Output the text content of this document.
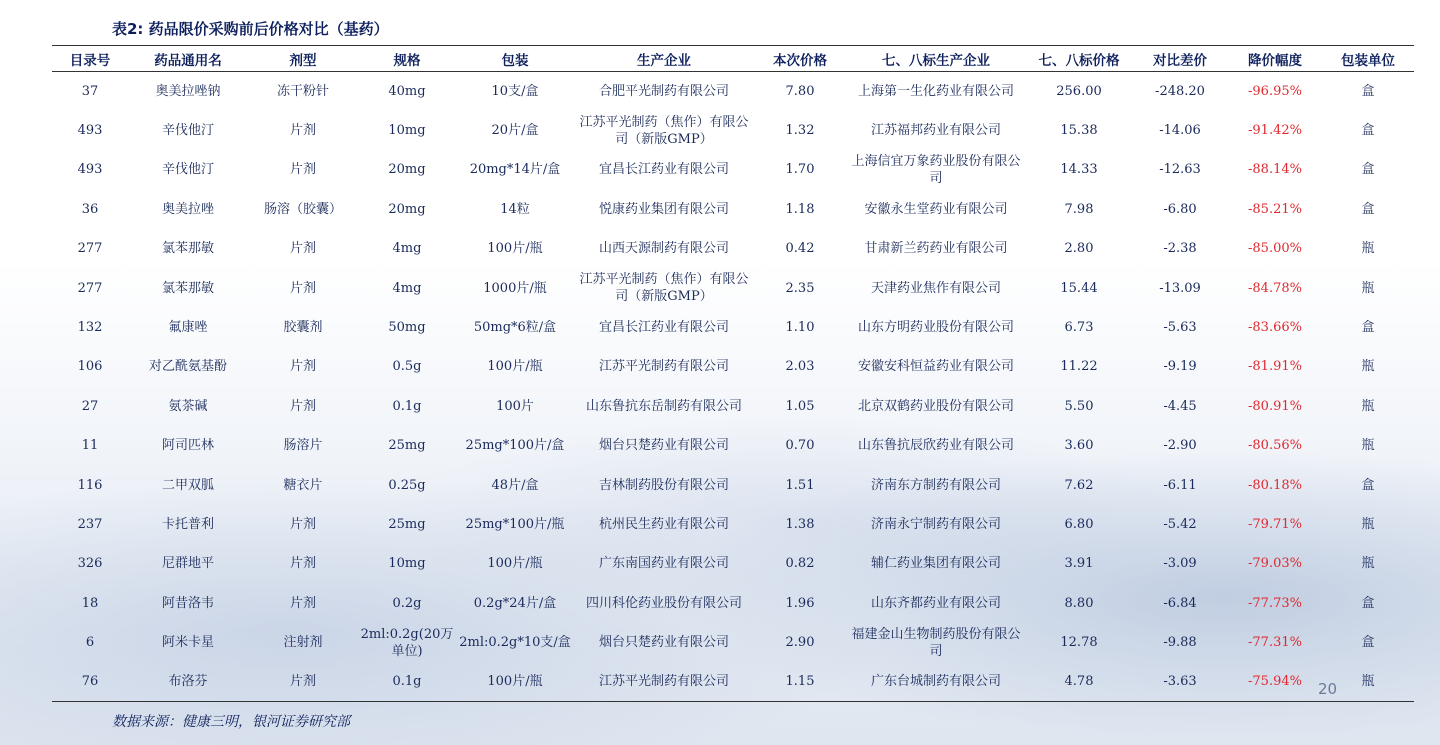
表2: 药品限价采购前后价格对比（基药）
目录号	药品通用名	剂型	规格	包装	生产企业	本次价格	七、八标生产企业	七、八标价格	对比差价	降价幅度	包装单位
37	奥美拉唑钠	冻干粉针	40mg	10支/盒	合肥平光制药有限公司	7.80	上海第一生化药业有限公司	256.00	-248.20	-96.95%	盒
493	辛伐他汀	片剂	10mg	20片/盒	江苏平光制药（焦作）有限公司（新版GMP）	1.32	江苏福邦药业有限公司	15.38	-14.06	-91.42%	盒
493	辛伐他汀	片剂	20mg	20mg*14片/盒	宜昌长江药业有限公司	1.70	上海信宜万象药业股份有限公司	14.33	-12.63	-88.14%	盒
36	奥美拉唑	肠溶（胶囊）	20mg	14粒	悦康药业集团有限公司	1.18	安徽永生堂药业有限公司	7.98	-6.80	-85.21%	盒
277	氯苯那敏	片剂	4mg	100片/瓶	山西天源制药有限公司	0.42	甘肃新兰药药业有限公司	2.80	-2.38	-85.00%	瓶
277	氯苯那敏	片剂	4mg	1000片/瓶	江苏平光制药（焦作）有限公司（新版GMP）	2.35	天津药业焦作有限公司	15.44	-13.09	-84.78%	瓶
132	氟康唑	胶囊剂	50mg	50mg*6粒/盒	宜昌长江药业有限公司	1.10	山东方明药业股份有限公司	6.73	-5.63	-83.66%	盒
106	对乙酰氨基酚	片剂	0.5g	100片/瓶	江苏平光制药有限公司	2.03	安徽安科恒益药业有限公司	11.22	-9.19	-81.91%	瓶
27	氨茶碱	片剂	0.1g	100片	山东鲁抗东岳制药有限公司	1.05	北京双鹤药业股份有限公司	5.50	-4.45	-80.91%	瓶
11	阿司匹林	肠溶片	25mg	25mg*100片/盒	烟台只楚药业有限公司	0.70	山东鲁抗辰欣药业有限公司	3.60	-2.90	-80.56%	瓶
116	二甲双胍	糖衣片	0.25g	48片/盒	吉林制药股份有限公司	1.51	济南东方制药有限公司	7.62	-6.11	-80.18%	盒
237	卡托普利	片剂	25mg	25mg*100片/瓶	杭州民生药业有限公司	1.38	济南永宁制药有限公司	6.80	-5.42	-79.71%	瓶
326	尼群地平	片剂	10mg	100片/瓶	广东南国药业有限公司	0.82	辅仁药业集团有限公司	3.91	-3.09	-79.03%	瓶
18	阿昔洛韦	片剂	0.2g	0.2g*24片/盒	四川科伦药业股份有限公司	1.96	山东齐都药业有限公司	8.80	-6.84	-77.73%	盒
6	阿米卡星	注射剂	2ml:0.2g(20万单位)	2ml:0.2g*10支/盒	烟台只楚药业有限公司	2.90	福建金山生物制药股份有限公司	12.78	-9.88	-77.31%	盒
76	布洛芬	片剂	0.1g	100片/瓶	江苏平光制药有限公司	1.15	广东台城制药有限公司	4.78	-3.63	-75.94%	瓶
数据来源：健康三明，银河证券研究部
20
